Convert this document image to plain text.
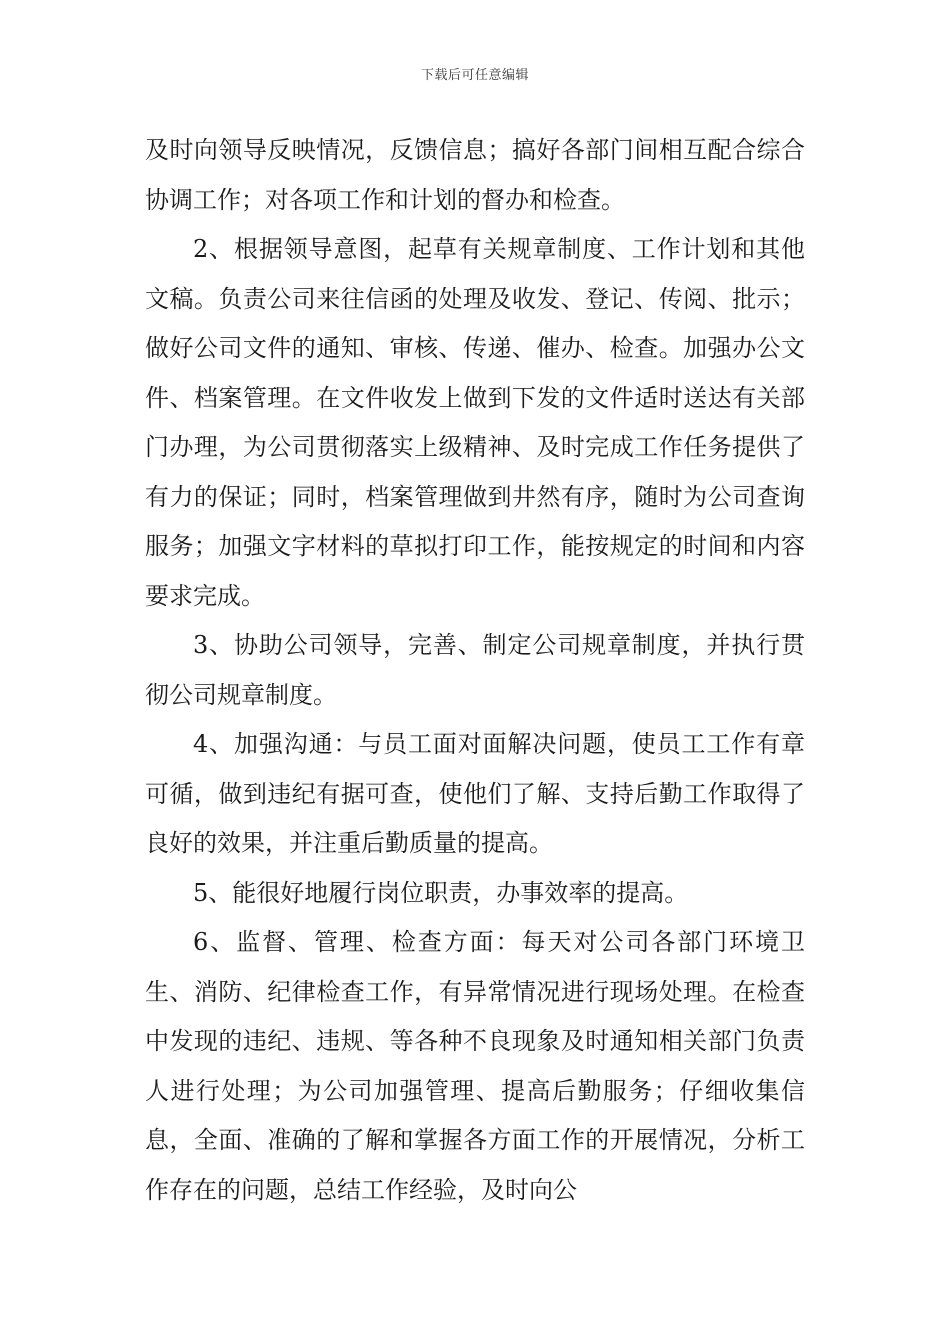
下载后可任意编辑

及时向领导反映情况，反馈信息；搞好各部门间相互配合综合协调工作；对各项工作和计划的督办和检查。

2、根据领导意图，起草有关规章制度、工作计划和其他文稿。负责公司来往信函的处理及收发、登记、传阅、批示；做好公司文件的通知、审核、传递、催办、检查。加强办公文件、档案管理。在文件收发上做到下发的文件适时送达有关部门办理，为公司贯彻落实上级精神、及时完成工作任务提供了有力的保证；同时，档案管理做到井然有序，随时为公司查询服务；加强文字材料的草拟打印工作，能按规定的时间和内容要求完成。

3、协助公司领导，完善、制定公司规章制度，并执行贯彻公司规章制度。

4、加强沟通：与员工面对面解决问题，使员工工作有章可循，做到违纪有据可查，使他们了解、支持后勤工作取得了良好的效果，并注重后勤质量的提高。

5、能很好地履行岗位职责，办事效率的提高。

6、监督、管理、检查方面：每天对公司各部门环境卫生、消防、纪律检查工作，有异常情况进行现场处理。在检查中发现的违纪、违规、等各种不良现象及时通知相关部门负责人进行处理；为公司加强管理、提高后勤服务；仔细收集信息，全面、准确的了解和掌握各方面工作的开展情况，分析工作存在的问题，总结工作经验，及时向公
